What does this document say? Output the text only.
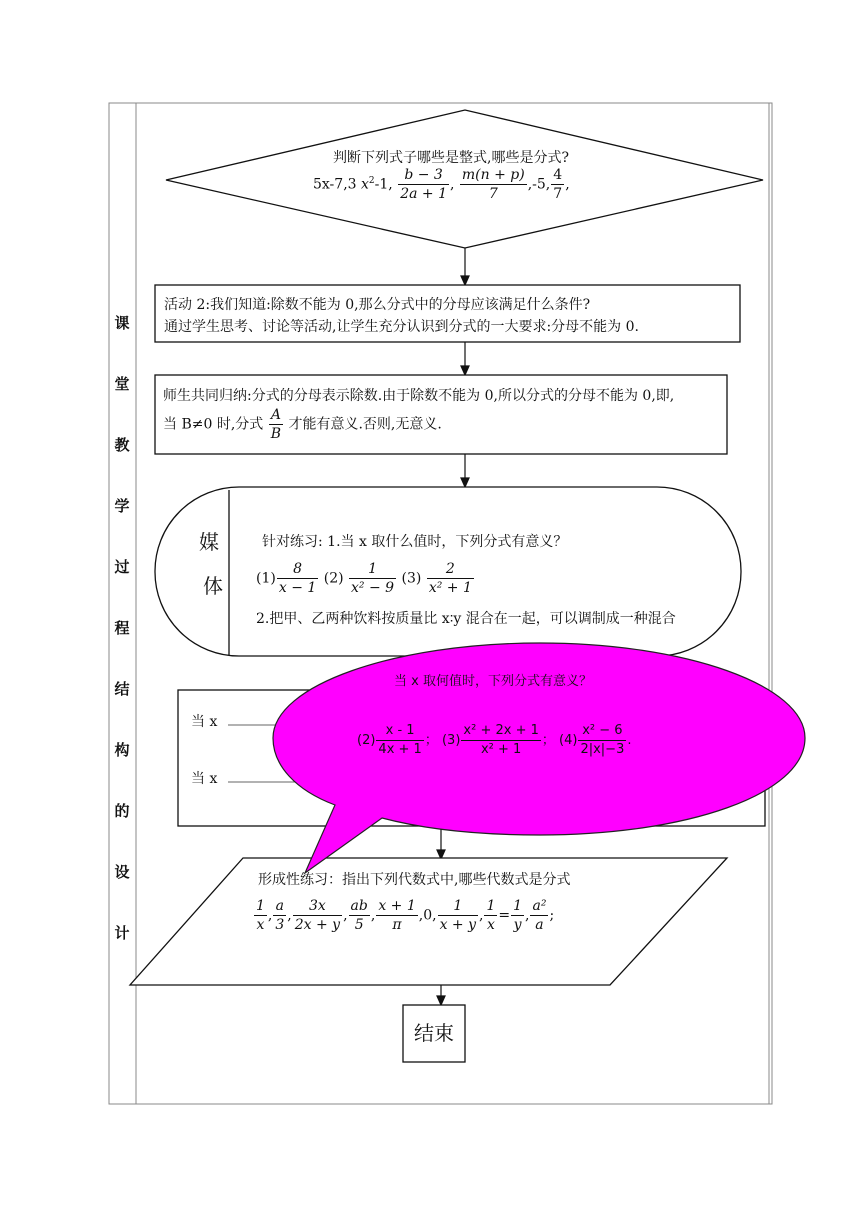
课
堂
教
学
过
程
结
构
的
设
计
判断下列式子哪些是整式,哪些是分式?
5x-7,3 $x^2-1$, $\frac{b - 3}{2a + 1}$ , $\frac{m(n + p)}{7} ,-5$, $\frac{4}{7}$ ,
活动 2:我们知道:除数不能为 0,那么分式中的分母应该满足什么条件?
通过学生思考、讨论等活动,让学生充分认识到分式的一大要求:分母不能为 0.
师生共同归纳:分式的分母表示除数.由于除数不能为 0,所以分式的分母不能为 0,即,
当 B≠0 时,分式 $\frac{A}{B}$ 才能有意义.否则,无意义.
媒
体
针对练习: 1.当 x 取什么值时，下列分式有意义？
$(1) \frac{8}{x - 1} (2) \frac{1}{\text{x² − 9}} (3) \frac{2}{\text{x² + 1}}$
2.把甲、乙两种饮料按质量比 x∶y 混合在一起，可以调制成一种混合
当 x
当 x
当 x 取何值时，下列分式有意义？
$(2) \frac{x - 1}{4x + 1}$ ； $(3) \frac{\text{x² + 2x + 1}}{\text{x² + 1}}$ ； $(4) \frac{\text{x² − 6}}{2|x|-3}$ .
形成性练习：指出下列代数式中,哪些代数式是分式
$\frac{1}{x}$ , $\frac{a}{3}$ , $\frac{3x}{2x + y}$ , $\frac{ab}{5}$ , $\frac{x + 1}{\pi} ,0$, $\frac{1}{x + y}$ , $\frac{1}{x} = \frac{1}{y}$ , $\frac{\text{a²}}{a}$ ;
结束
